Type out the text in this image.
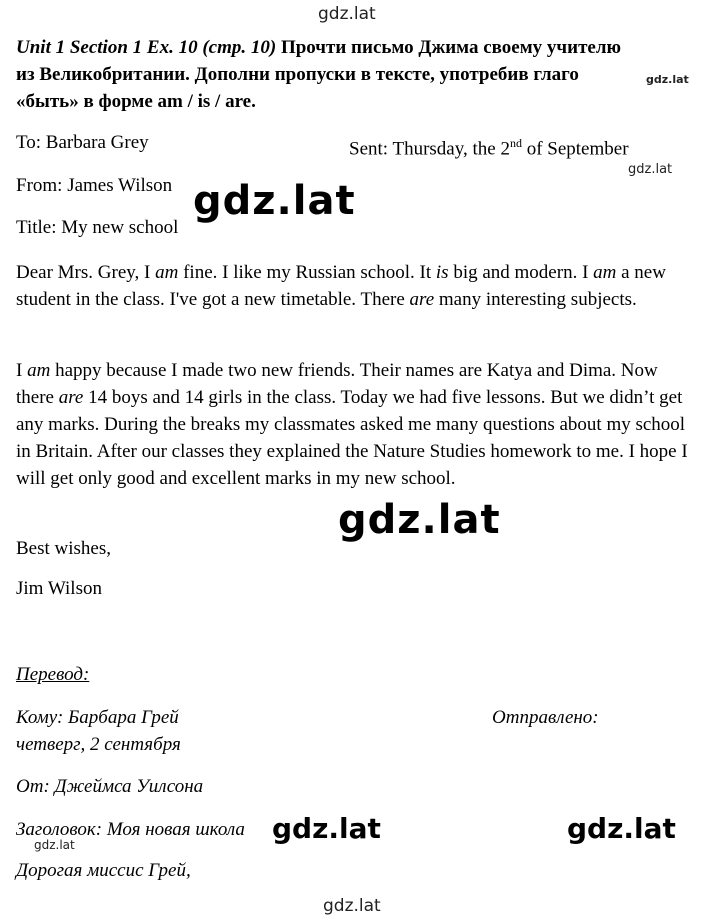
gdz.lat
gdz.lat
Unit 1 Section 1 Ex. 10 (стр. 10) Прочти письмо Джима своему учителю
из Великобритании. Дополни пропуски в тексте, употребив глаго	gdz.lat
«быть» в форме am / is / are.
To: Barbara Grey	Sent: Thursday, the 2nd of September
gdz.lat
From: James Wilson gdz.lat
Title: My new school
Dear Mrs. Grey, I am fine. I like my Russian school. It is big and modern. I am a new student in the class. I've got a new timetable. There are many interesting subjects.
I am happy because I made two new friends. Their names are Katya and Dima. Now there are 14 boys and 14 girls in the class. Today we had five lessons. But we didn’t get any marks. During the breaks my classmates asked me many questions about my school in Britain. After our classes they explained the Nature Studies homework to me. I hope I will get only good and excellent marks in my new school.
gdz.lat
Best wishes,
Jim Wilson
Перевод:
Кому: Барбара Грей	Отправлено:
четверг, 2 сентября
От: Джеймса Уилсона
Заголовок: Моя новая школа gdz.lat	gdz.lat
gdz.lat
Дорогая миссис Грей,
